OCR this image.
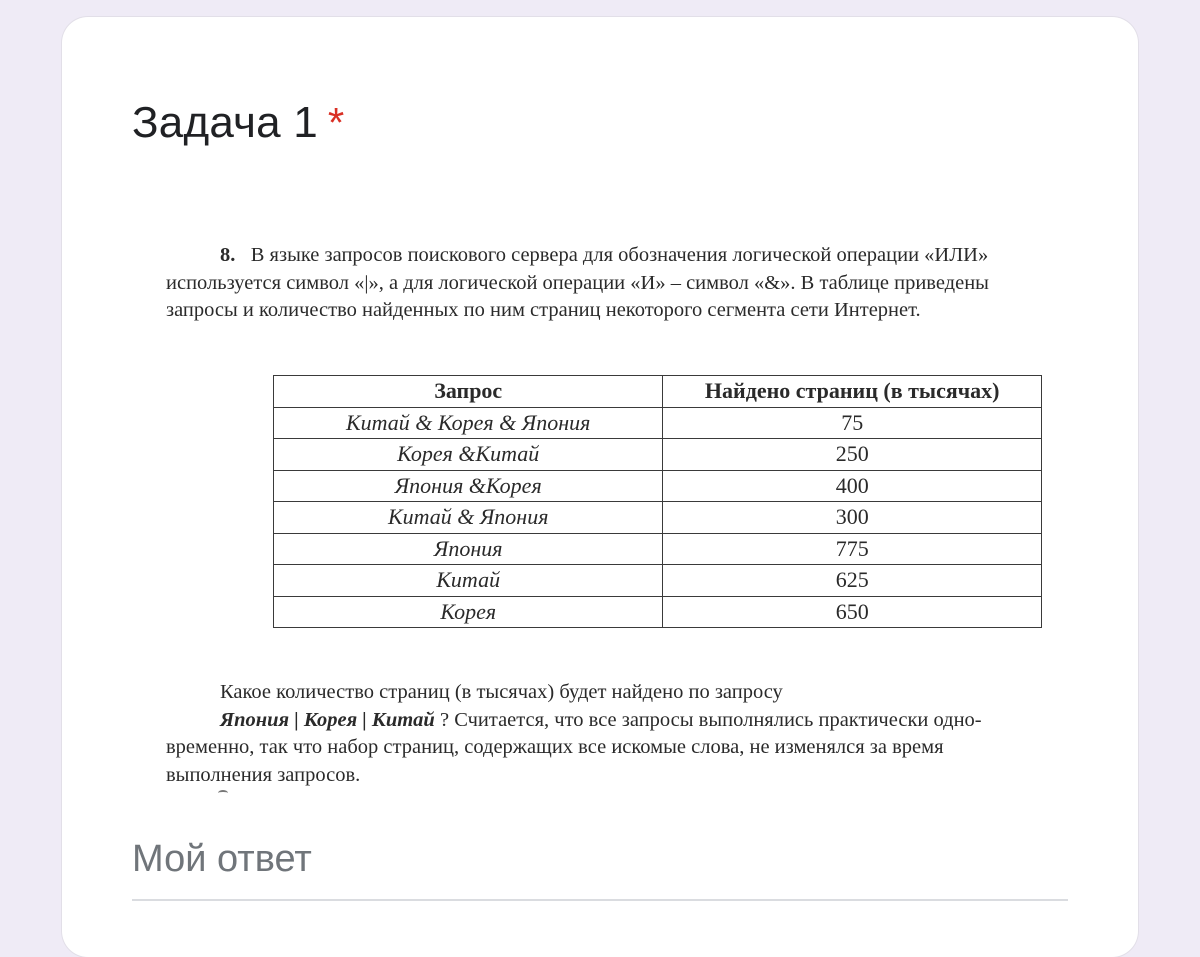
Задача 1 *

8. В языке запросов поискового сервера для обозначения логической операции «ИЛИ»

используется символ «|», а для логической операции «И» – символ «&». В таблице приведены

запросы и количество найденных по ним страниц некоторого сегмента сети Интернет.

Запрос	Найдено страниц (в тысячах)
Китай & Корея & Япония	75
Корея &Китай	250
Япония &Корея	400
Китай & Япония	300
Япония	775
Китай	625
Корея	650
Какое количество страниц (в тысячах) будет найдено по запросу
Япония | Корея | Китай ? Считается, что все запросы выполнялись практически одно-
временно, так что набор страниц, содержащих все искомые слова, не изменялся за время
выполнения запросов.
Мой ответ
